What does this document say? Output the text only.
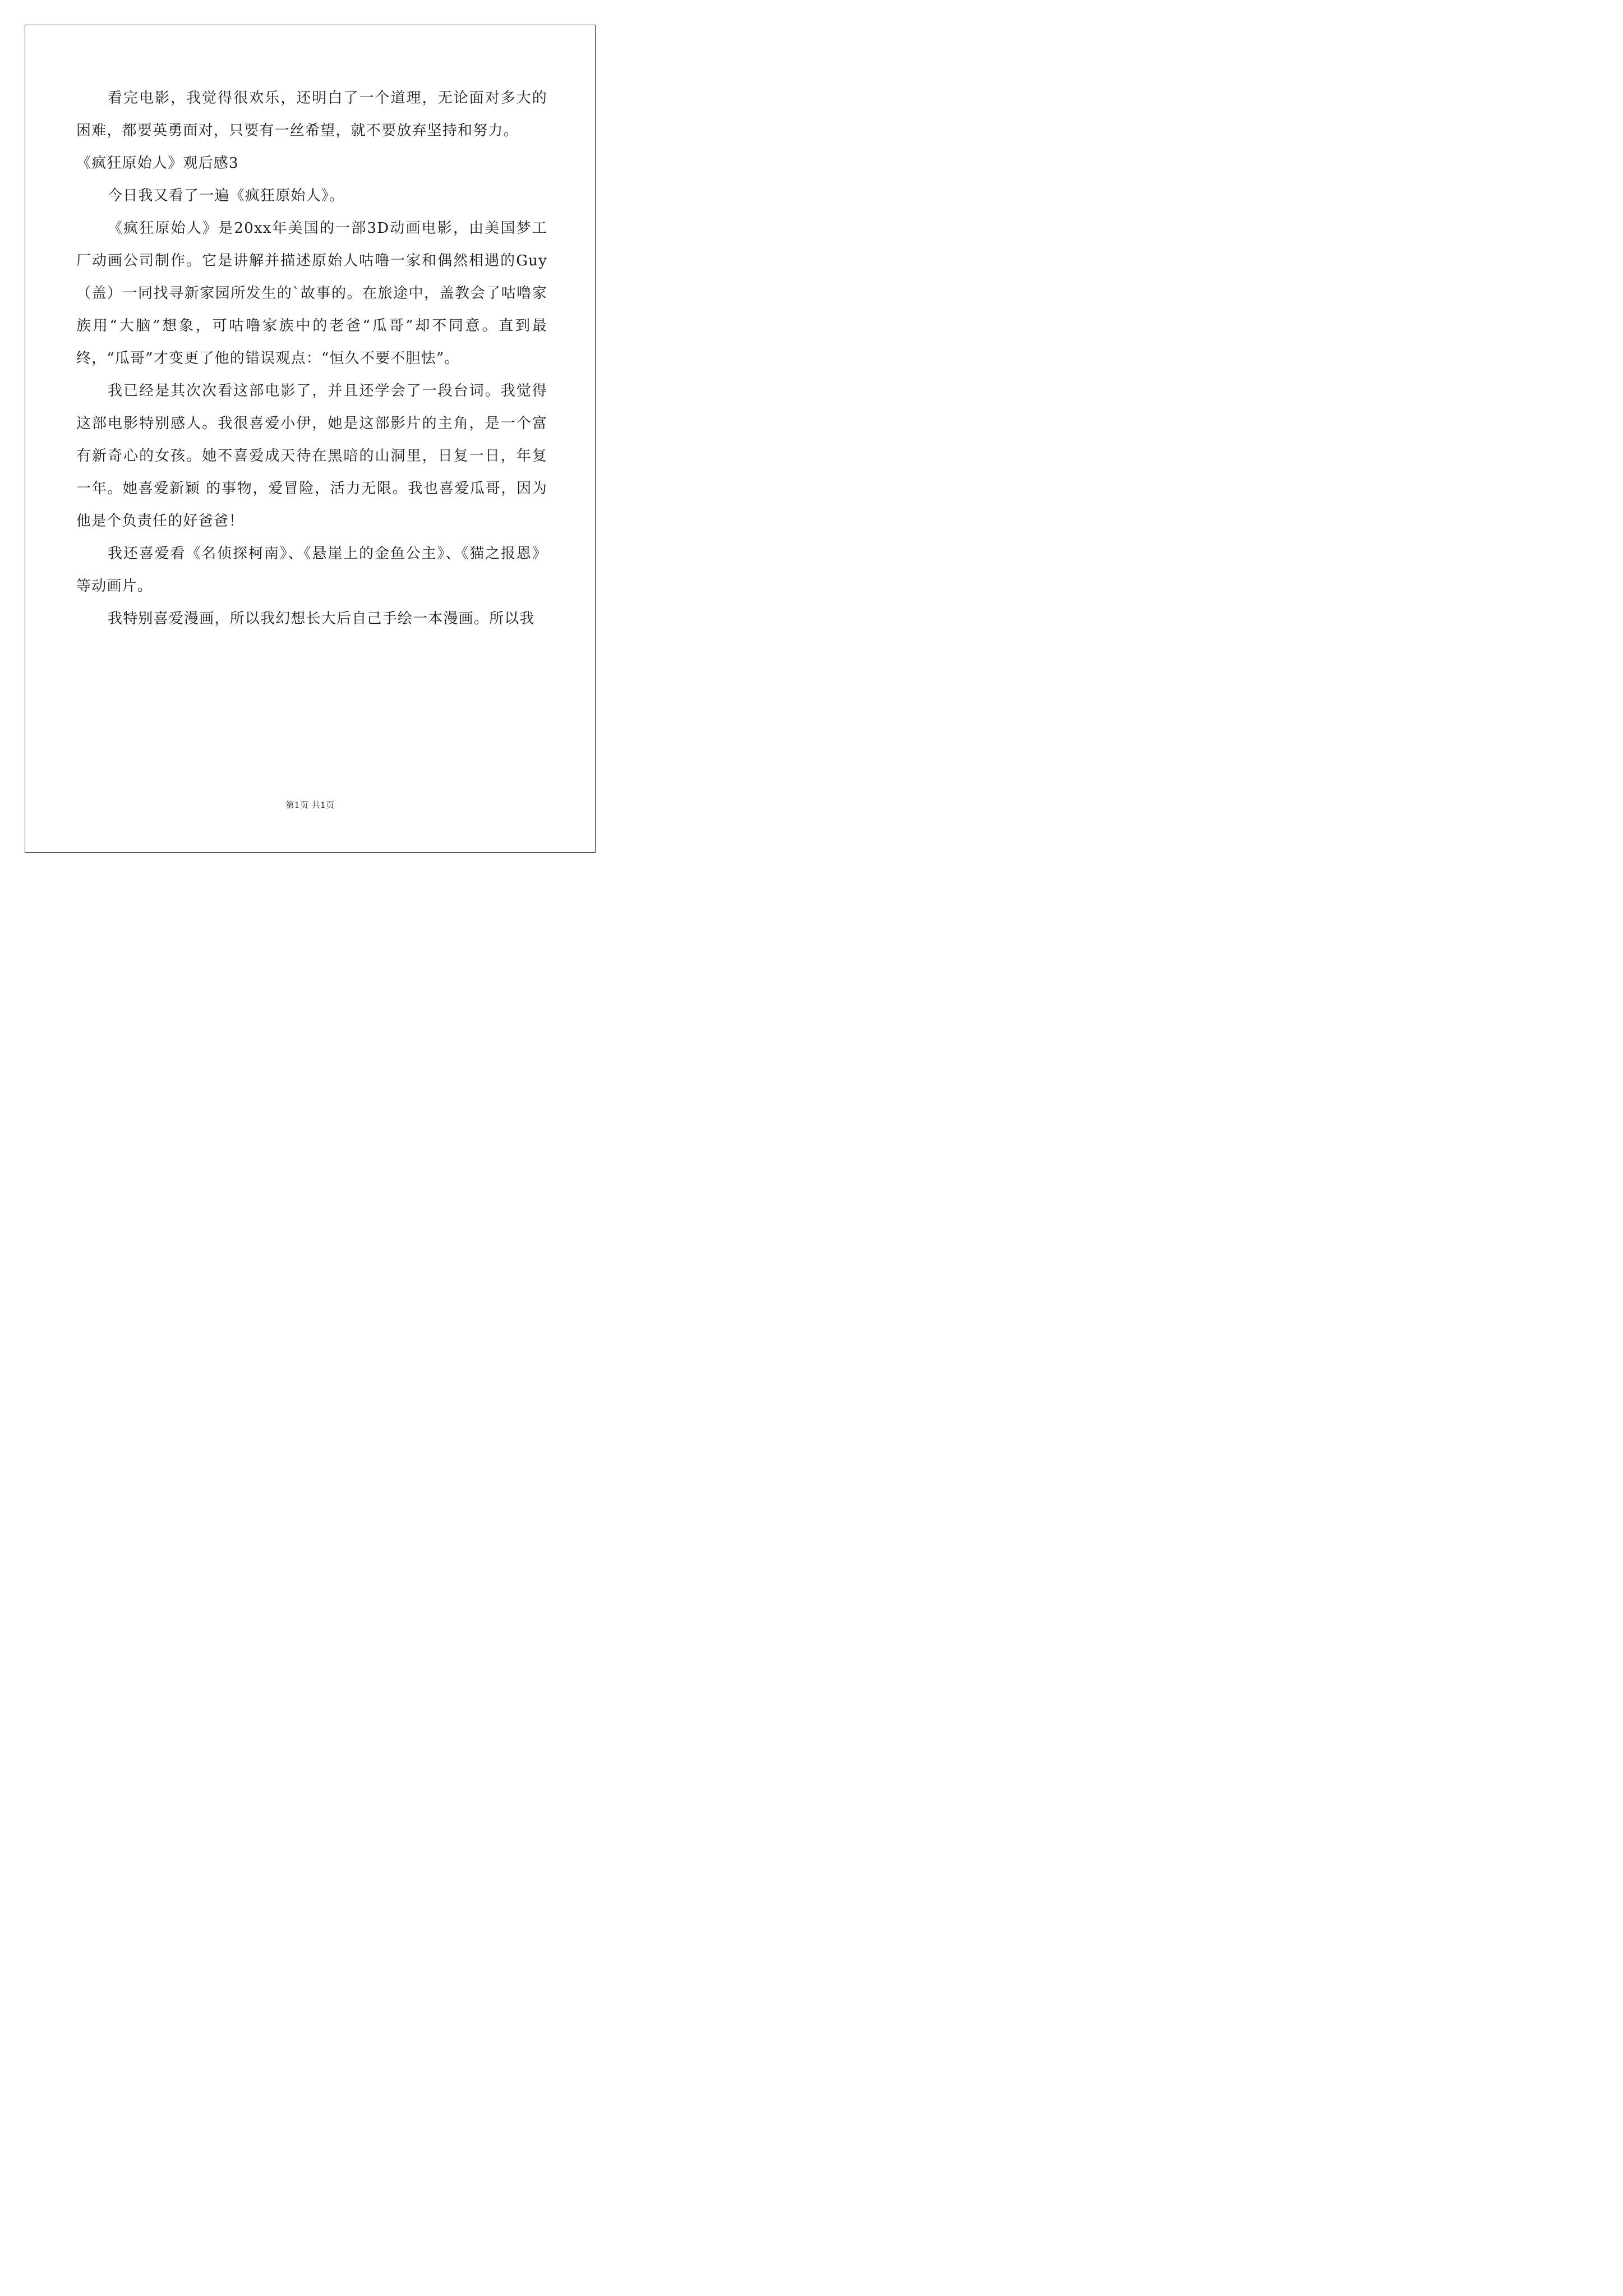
看完电影，我觉得很欢乐，还明白了一个道理，无论面对多大的困难，都要英勇面对，只要有一丝希望，就不要放弃坚持和努力。

《疯狂原始人》观后感3

今日我又看了一遍《疯狂原始人》。

《疯狂原始人》是20xx年美国的一部3D动画电影，由美国梦工厂动画公司制作。它是讲解并描述原始人咕噜一家和偶然相遇的Guy（盖）一同找寻新家园所发生的`故事的。在旅途中，盖教会了咕噜家族用“大脑”想象，可咕噜家族中的老爸“瓜哥”却不同意。直到最终，“瓜哥”才变更了他的错误观点：“恒久不要不胆怯”。

我已经是其次次看这部电影了，并且还学会了一段台词。我觉得这部电影特别感人。我很喜爱小伊，她是这部影片的主角，是一个富有新奇心的女孩。她不喜爱成天待在黑暗的山洞里，日复一日，年复一年。她喜爱新颖 的事物，爱冒险，活力无限。我也喜爱瓜哥，因为他是个负责任的好爸爸！

我还喜爱看《名侦探柯南》、《悬崖上的金鱼公主》、《猫之报恩》等动画片。

我特别喜爱漫画，所以我幻想长大后自己手绘一本漫画。所以我

第1页 共1页
